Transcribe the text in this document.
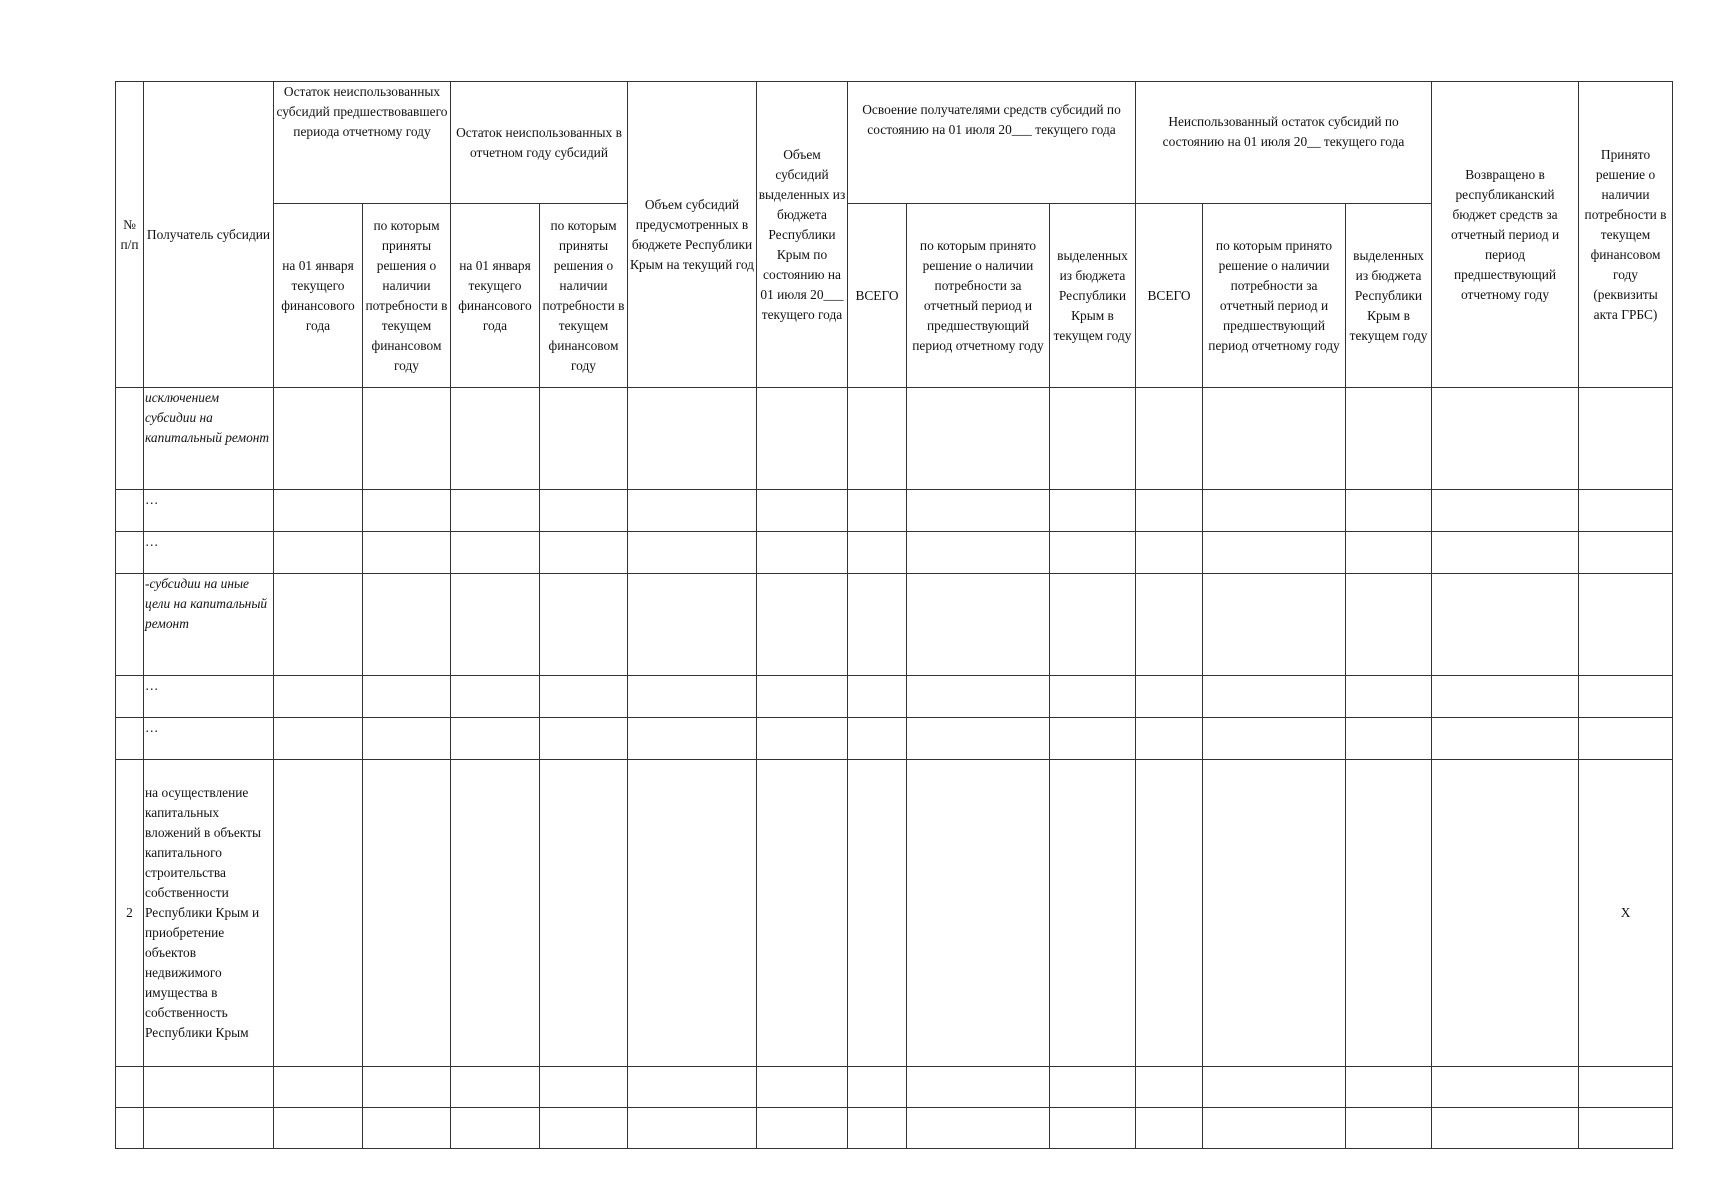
№ п/п	Получатель субсидии	Остаток неиспользованных субсидий предшествовавшего периода отчетному году		Остаток неиспользованных в отчетном году субсидий		Объем субсидий предусмотренных в бюджете Республики Крым на текущий год	Объем субсидий выделенных из бюджета Республики Крым по состоянию на 01 июля 20___ текущего года	Освоение получателями средств субсидий по состоянию на 01 июля 20___ текущего года			Неиспользованный остаток субсидий по состоянию на 01 июля 20__ текущего года			Возвращено в республиканский бюджет средств за отчетный период и период предшествующий отчетному году	Принято решение о наличии потребности в текущем финансовом году (реквизиты акта ГРБС)
		на 01 января текущего финансового года	по которым приняты решения о наличии потребности в текущем финансовом году	на 01 января текущего финансового года	по которым приняты решения о наличии потребности в текущем финансовом году			ВСЕГО	по которым принято решение о наличии потребности за отчетный период и предшествующий период отчетному году	выделенных из бюджета Республики Крым в текущем году	ВСЕГО	по которым принято решение о наличии потребности за отчетный период и предшествующий период отчетному году	выделенных из бюджета Республики Крым в текущем году		
	исключением субсидии на капитальный ремонт														
	…														
	…														
	-субсидии на иные цели на капитальный ремонт														
	…														
	…														
2	на осуществление капитальных вложений в объекты капитального строительства собственности Республики Крым и приобретение объектов недвижимого имущества в собственность Республики Крым														Х
